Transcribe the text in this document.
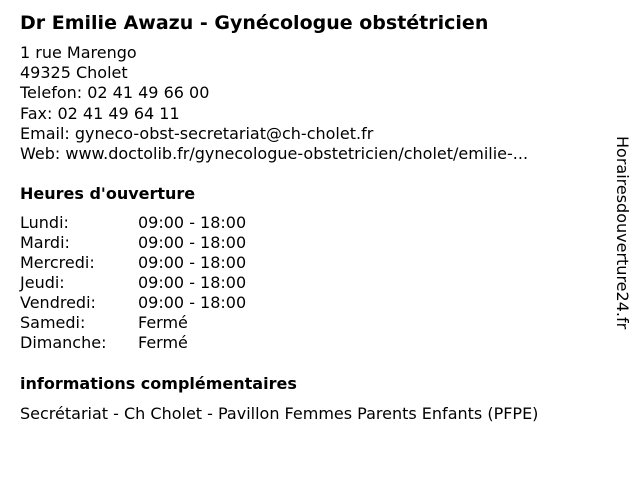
Dr Emilie Awazu - Gynécologue obstétricien
1 rue Marengo
49325 Cholet
Telefon: 02 41 49 66 00
Fax: 02 41 49 64 11
Email: gyneco-obst-secretariat@ch-cholet.fr
Web: www.doctolib.fr/gynecologue-obstetricien/cholet/emilie-...
Heures d'ouverture
Lundi:	09:00 - 18:00
Mardi:	09:00 - 18:00
Mercredi:	09:00 - 18:00
Jeudi:	09:00 - 18:00
Vendredi:	09:00 - 18:00
Samedi:	Fermé
Dimanche: Fermé
informations complémentaires
Secrétariat - Ch Cholet - Pavillon Femmes Parents Enfants (PFPE)
Horairesdouverture24.fr
